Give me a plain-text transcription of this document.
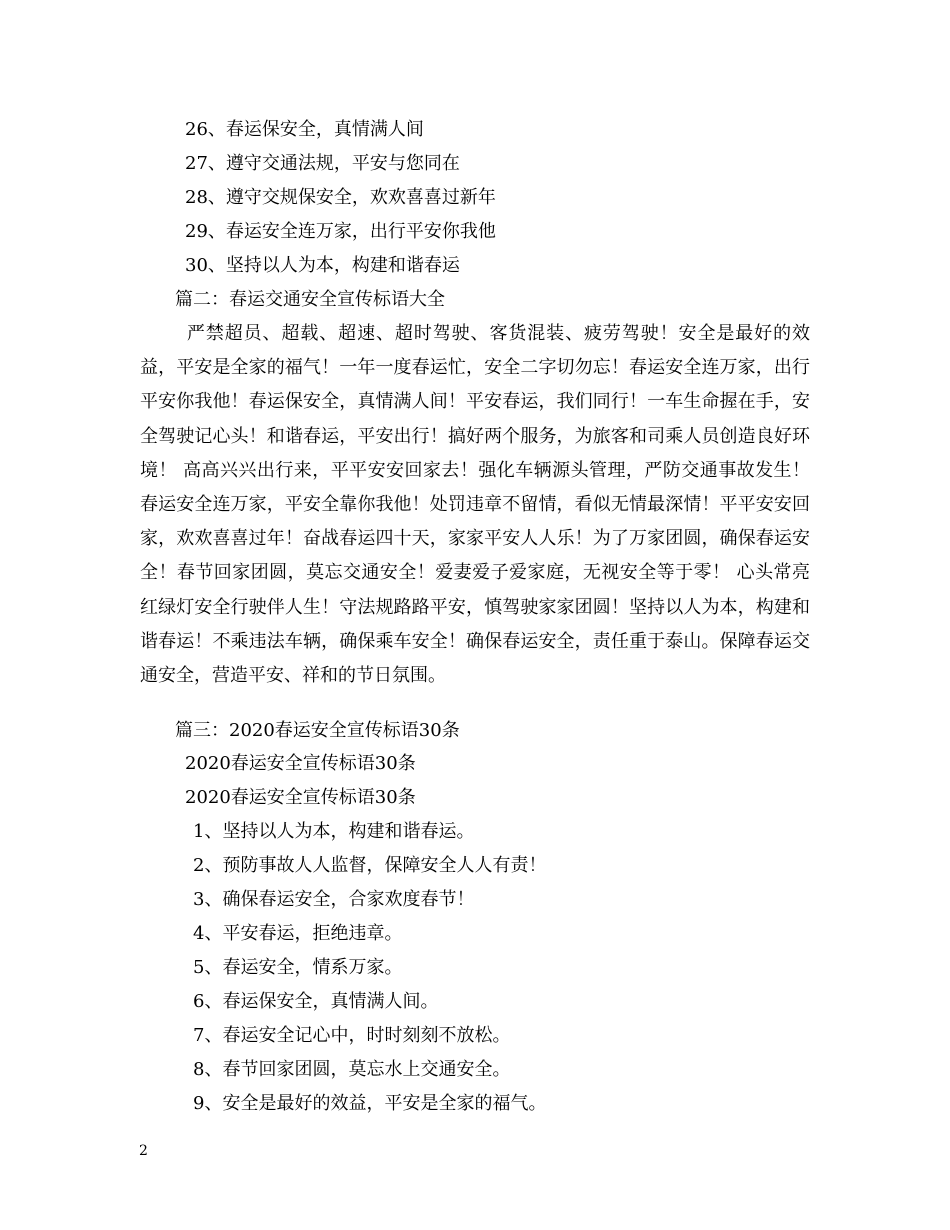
26、春运保安全，真情满人间
27、遵守交通法规，平安与您同在
28、遵守交规保安全，欢欢喜喜过新年
29、春运安全连万家，出行平安你我他
30、坚持以人为本，构建和谐春运
篇二：春运交通安全宣传标语大全

严禁超员、超载、超速、超时驾驶、客货混装、疲劳驾驶！安全是最好的效益，平安是全家的福气！一年一度春运忙，安全二字切勿忘！春运安全连万家，出行平安你我他！春运保安全，真情满人间！平安春运，我们同行！一车生命握在手，安全驾驶记心头！和谐春运，平安出行！搞好两个服务，为旅客和司乘人员创造良好环境！ 高高兴兴出行来，平平安安回家去！强化车辆源头管理，严防交通事故发生！春运安全连万家，平安全靠你我他！处罚违章不留情，看似无情最深情！平平安安回家，欢欢喜喜过年！奋战春运四十天，家家平安人人乐！为了万家团圆，确保春运安全！春节回家团圆，莫忘交通安全！爱妻爱子爱家庭，无视安全等于零！ 心头常亮红绿灯安全行驶伴人生！守法规路路平安，慎驾驶家家团圆！坚持以人为本，构建和谐春运！不乘违法车辆，确保乘车安全！确保春运安全，责任重于泰山。保障春运交通安全，营造平安、祥和的节日氛围。

篇三：2020春运安全宣传标语30条
2020春运安全宣传标语30条
2020春运安全宣传标语30条
1、坚持以人为本，构建和谐春运。
2、预防事故人人监督，保障安全人人有责！
3、确保春运安全，合家欢度春节！
4、平安春运，拒绝违章。
5、春运安全，情系万家。
6、春运保安全，真情满人间。
7、春运安全记心中，时时刻刻不放松。
8、春节回家团圆，莫忘水上交通安全。
9、安全是最好的效益，平安是全家的福气。
2
